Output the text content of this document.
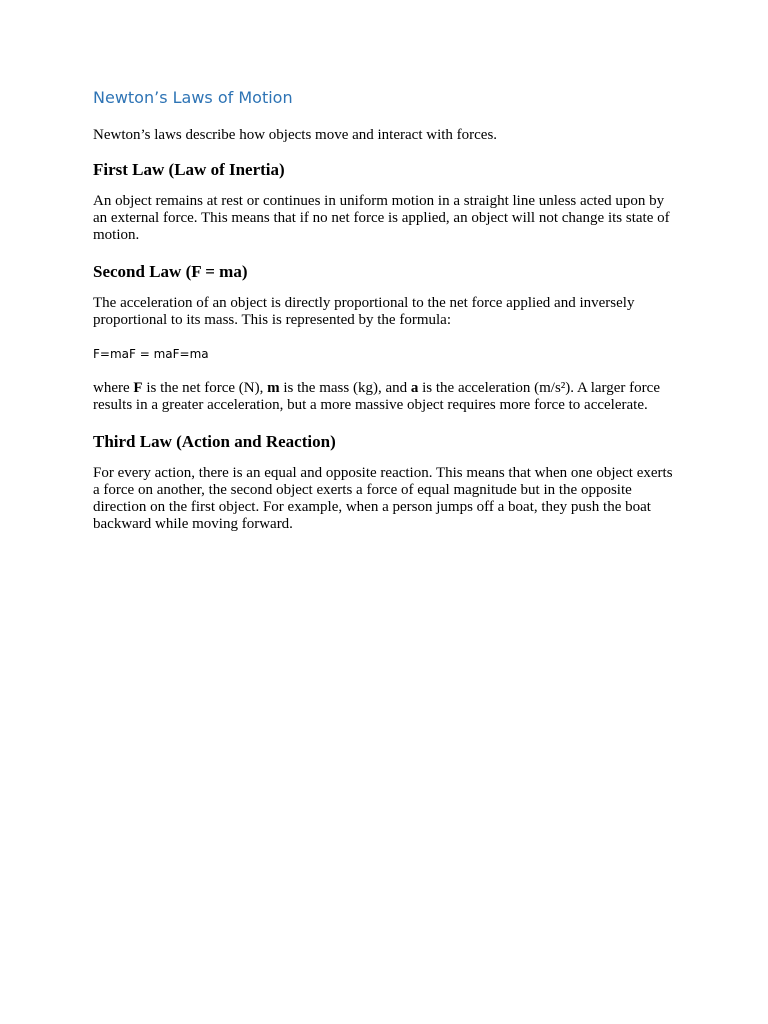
Newton’s Laws of Motion

Newton’s laws describe how objects move and interact with forces.

First Law (Law of Inertia)

An object remains at rest or continues in uniform motion in a straight line unless acted upon by an external force. This means that if no net force is applied, an object will not change its state of motion.

Second Law (F = ma)

The acceleration of an object is directly proportional to the net force applied and inversely proportional to its mass. This is represented by the formula:

F=maF = maF=ma

where F is the net force (N), m is the mass (kg), and a is the acceleration (m/s²). A larger force results in a greater acceleration, but a more massive object requires more force to accelerate.

Third Law (Action and Reaction)

For every action, there is an equal and opposite reaction. This means that when one object exerts a force on another, the second object exerts a force of equal magnitude but in the opposite direction on the first object. For example, when a person jumps off a boat, they push the boat backward while moving forward.
